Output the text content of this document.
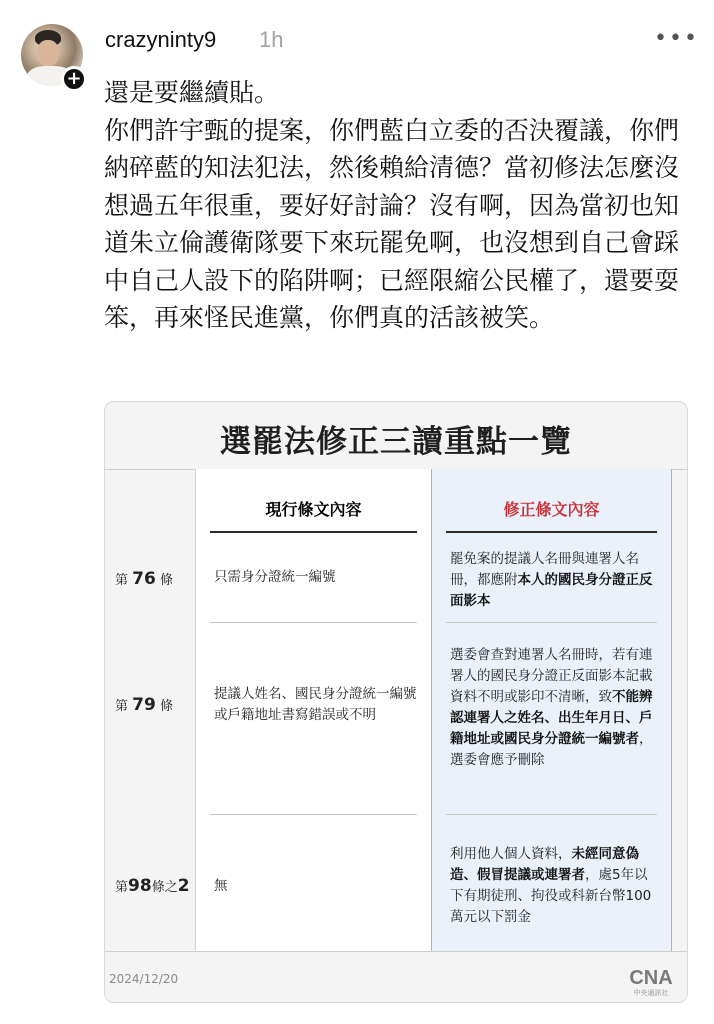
+
crazyninty9 1h	•••

還是要繼續貼。

你們許宇甄的提案，你們藍白立委的否決覆議，你們納碎藍的知法犯法，然後賴給清德？當初修法怎麼沒想過五年很重，要好好討論？沒有啊，因為當初也知道朱立倫護衛隊要下來玩罷免啊，也沒想到自己會踩中自己人設下的陷阱啊；已經限縮公民權了，還要耍笨，再來怪民進黨，你們真的活該被笑。

選罷法修正三讀重點一覽
第 76 條
第 79 條
第98條之2
現行條文內容
只需身分證統一編號
提議人姓名、國民身分證統一編號或戶籍地址書寫錯誤或不明
無
修正條文內容
罷免案的提議人名冊與連署人名冊，都應附本人的國民身分證正反面影本
選委會查對連署人名冊時，若有連署人的國民身分證正反面影本記載資料不明或影印不清晰，致不能辨認連署人之姓名、出生年月日、戶籍地址或國民身分證統一編號者，選委會應予刪除
利用他人個人資料，未經同意偽造、假冒提議或連署者，處5年以下有期徒刑、拘役或科新台幣100萬元以下罰金
2024/12/20	CNA
中央通訊社
